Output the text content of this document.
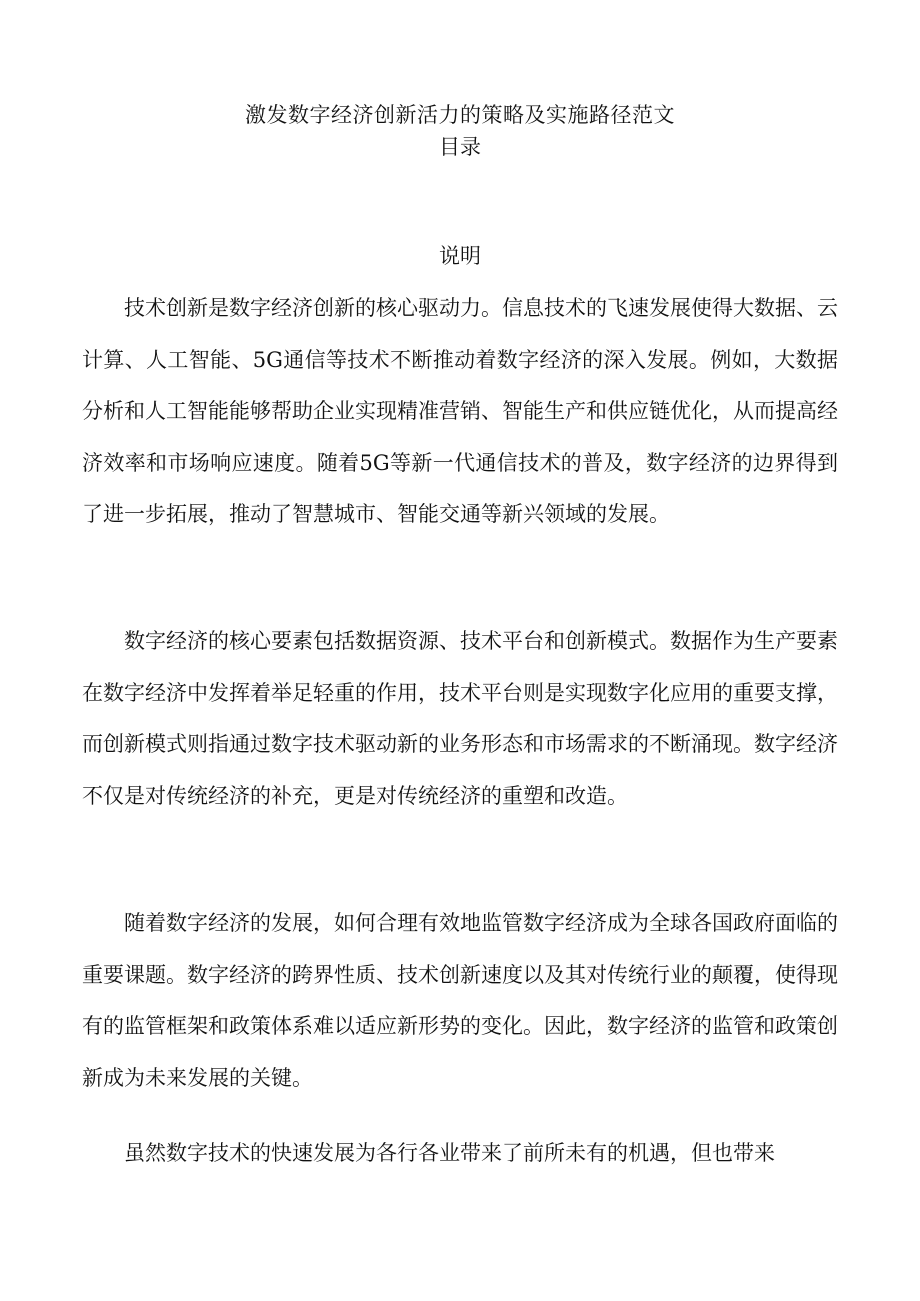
激发数字经济创新活力的策略及实施路径范文
目录
说明

技术创新是数字经济创新的核心驱动力。信息技术的飞速发展使得大数据、云计算、人工智能、5G通信等技术不断推动着数字经济的深入发展。例如，大数据分析和人工智能能够帮助企业实现精准营销、智能生产和供应链优化，从而提高经济效率和市场响应速度。随着5G等新一代通信技术的普及，数字经济的边界得到了进一步拓展，推动了智慧城市、智能交通等新兴领域的发展。

数字经济的核心要素包括数据资源、技术平台和创新模式。数据作为生产要素在数字经济中发挥着举足轻重的作用，技术平台则是实现数字化应用的重要支撑，而创新模式则指通过数字技术驱动新的业务形态和市场需求的不断涌现。数字经济不仅是对传统经济的补充，更是对传统经济的重塑和改造。

随着数字经济的发展，如何合理有效地监管数字经济成为全球各国政府面临的重要课题。数字经济的跨界性质、技术创新速度以及其对传统行业的颠覆，使得现有的监管框架和政策体系难以适应新形势的变化。因此，数字经济的监管和政策创新成为未来发展的关键。

虽然数字技术的快速发展为各行各业带来了前所未有的机遇，但也带来
